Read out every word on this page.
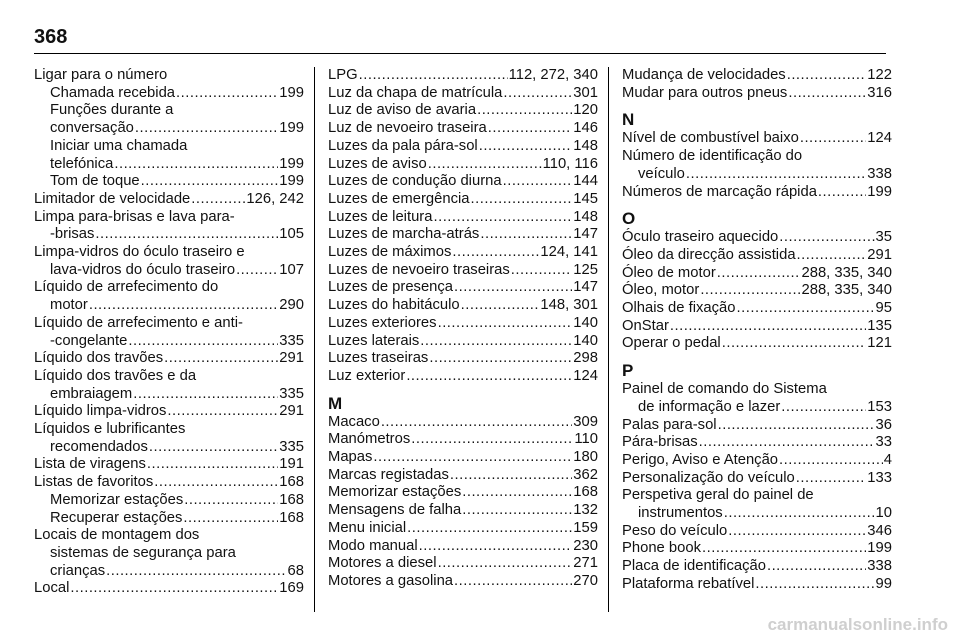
368
Ligar para o número
Chamada recebida .....	199
Funções durante a
conversação .....	199
Iniciar uma chamada
telefónica .....	199
Tom de toque .....	199
Limitador de velocidade .....	126, 242
Limpa para-brisas e lava para-
-brisas .....	105
Limpa-vidros do óculo traseiro e
lava-vidros do óculo traseiro .....	107
Líquido de arrefecimento do
motor .....	290
Líquido de arrefecimento e anti-
-congelante .....	335
Líquido dos travões .....	291
Líquido dos travões e da
embraiagem .....	335
Líquido limpa-vidros .....	291
Líquidos e lubrificantes
recomendados .....	335
Lista de viragens .....	191
Listas de favoritos .....	168
Memorizar estações .....	168
Recuperar estações .....	168
Locais de montagem dos
sistemas de segurança para
crianças .....	68
Local .....	169
LPG .....	112, 272, 340
Luz da chapa de matrícula .....	301
Luz de aviso de avaria .....	120
Luz de nevoeiro traseira .....	146
Luzes da pala pára-sol .....	148
Luzes de aviso .....	110, 116
Luzes de condução diurna .....	144
Luzes de emergência .....	145
Luzes de leitura .....	148
Luzes de marcha-atrás .....	147
Luzes de máximos .....	124, 141
Luzes de nevoeiro traseiras .....	125
Luzes de presença .....	147
Luzes do habitáculo .....	148, 301
Luzes exteriores .....	140
Luzes laterais .....	140
Luzes traseiras .....	298
Luz exterior .....	124
M
Macaco .....	309
Manómetros .....	110
Mapas .....	180
Marcas registadas .....	362
Memorizar estações .....	168
Mensagens de falha .....	132
Menu inicial .....	159
Modo manual .....	230
Motores a diesel .....	271
Motores a gasolina .....	270
Mudança de velocidades .....	122
Mudar para outros pneus .....	316
N
Nível de combustível baixo .....	124
Número de identificação do
veículo .....	338
Números de marcação rápida .....	199
O
Óculo traseiro aquecido .....	35
Óleo da direcção assistida .....	291
Óleo de motor .....	288, 335, 340
Óleo, motor .....	288, 335, 340
Olhais de fixação .....	95
OnStar .....	135
Operar o pedal .....	121
P
Painel de comando do Sistema
de informação e lazer .....	153
Palas para-sol .....	36
Pára-brisas .....	33
Perigo, Aviso e Atenção .....	4
Personalização do veículo .....	133
Perspetiva geral do painel de
instrumentos .....	10
Peso do veículo .....	346
Phone book .....	199
Placa de identificação .....	338
Plataforma rebatível .....	99
carmanualsonline.info
